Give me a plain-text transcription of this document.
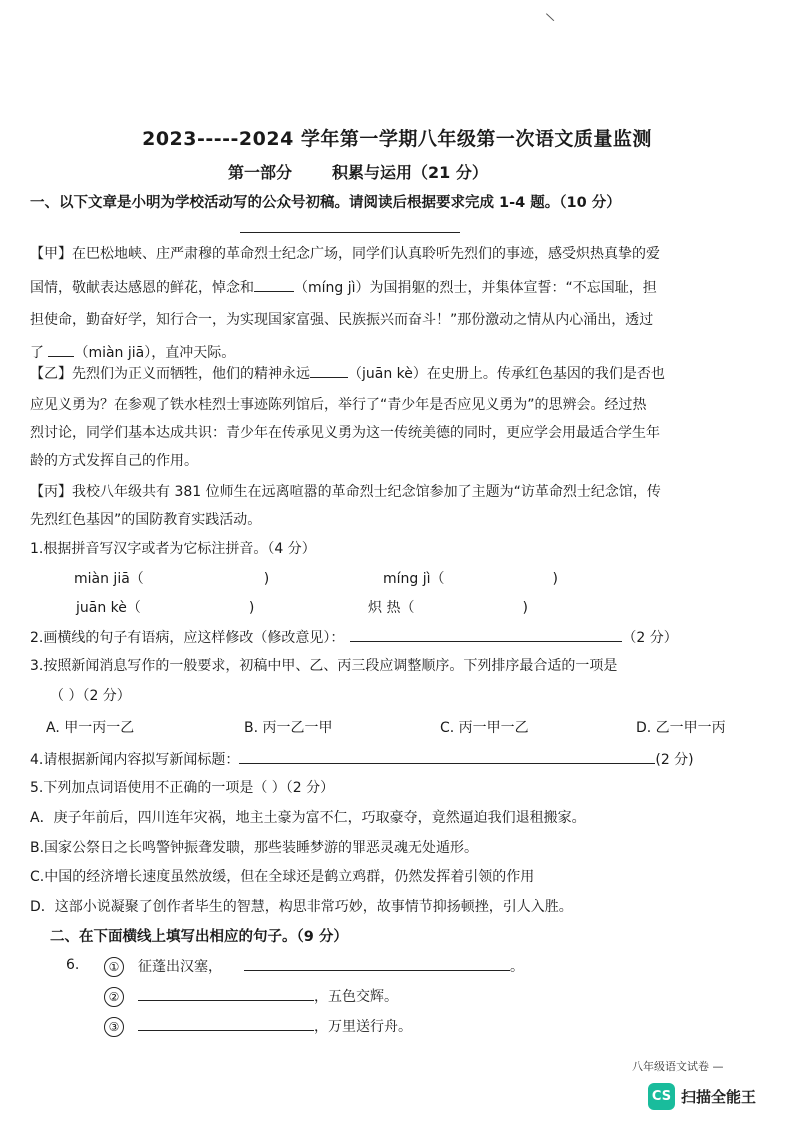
\
2023-----2024 学年第一学期八年级第一次语文质量监测
第一部分	积累与运用（21 分）
一、以下文章是小明为学校活动写的公众号初稿。请阅读后根据要求完成 1-4 题。（10 分）
【甲】在巴松地峡、庄严肃穆的革命烈士纪念广场，同学们认真聆听先烈们的事迹，感受炽热真挚的爱
国情，敬献表达感恩的鲜花，悼念和	（míng jì）为国捐躯的烈士，并集体宣誓：“不忘国耻，担
担使命，勤奋好学，知行合一，为实现国家富强、民族振兴而奋斗！”那份激动之情从内心涌出，透过
了 （miàn jiā），直冲天际。
【乙】先烈们为正义而牺牲，他们的精神永远	（juān kè）在史册上。传承红色基因的我们是否也
应见义勇为？在参观了铁水桂烈士事迹陈列馆后，举行了“青少年是否应见义勇为”的思辨会。经过热
烈讨论，同学们基本达成共识：青少年在传承见义勇为这一传统美德的同时，更应学会用最适合学生年
龄的方式发挥自己的作用。
【丙】我校八年级共有 381 位师生在远离喧嚣的革命烈士纪念馆参加了主题为“访革命烈士纪念馆，传
先烈红色基因”的国防教育实践活动。
1.根据拼音写汉字或者为它标注拼音。（4 分）
miàn jiā（	)	míng jì（	)
juān kè（	)	炽 热（	)
2.画横线的句子有语病，应这样修改（修改意见）：	（2 分）
3.按照新闻消息写作的一般要求，初稿中甲、乙、丙三段应调整顺序。下列排序最合适的一项是
（ ）（2 分）
A. 甲一丙一乙	B. 丙一乙一甲	C. 丙一甲一乙	D. 乙一甲一丙
4.请根据新闻内容拟写新闻标题：	(2 分)
5.下列加点词语使用不正确的一项是（ ）（2 分）
A．庚子年前后，四川连年灾祸，地主土豪为富不仁，巧取豪夺，竟然逼迫我们退租搬家。
B.国家公祭日之长鸣警钟振聋发聩，那些装睡梦游的罪恶灵魂无处遁形。
C.中国的经济增长速度虽然放缓，但在全球还是鹤立鸡群，仍然发挥着引领的作用
D．这部小说凝聚了创作者毕生的智慧，构思非常巧妙，故事情节抑扬顿挫，引人入胜。
二、在下面横线上填写出相应的句子。（9 分）
6.	① 征蓬出汉塞，	。
②	，五色交辉。
③	，万里送行舟。
八年级语文试卷 —
CS 扫描全能王
